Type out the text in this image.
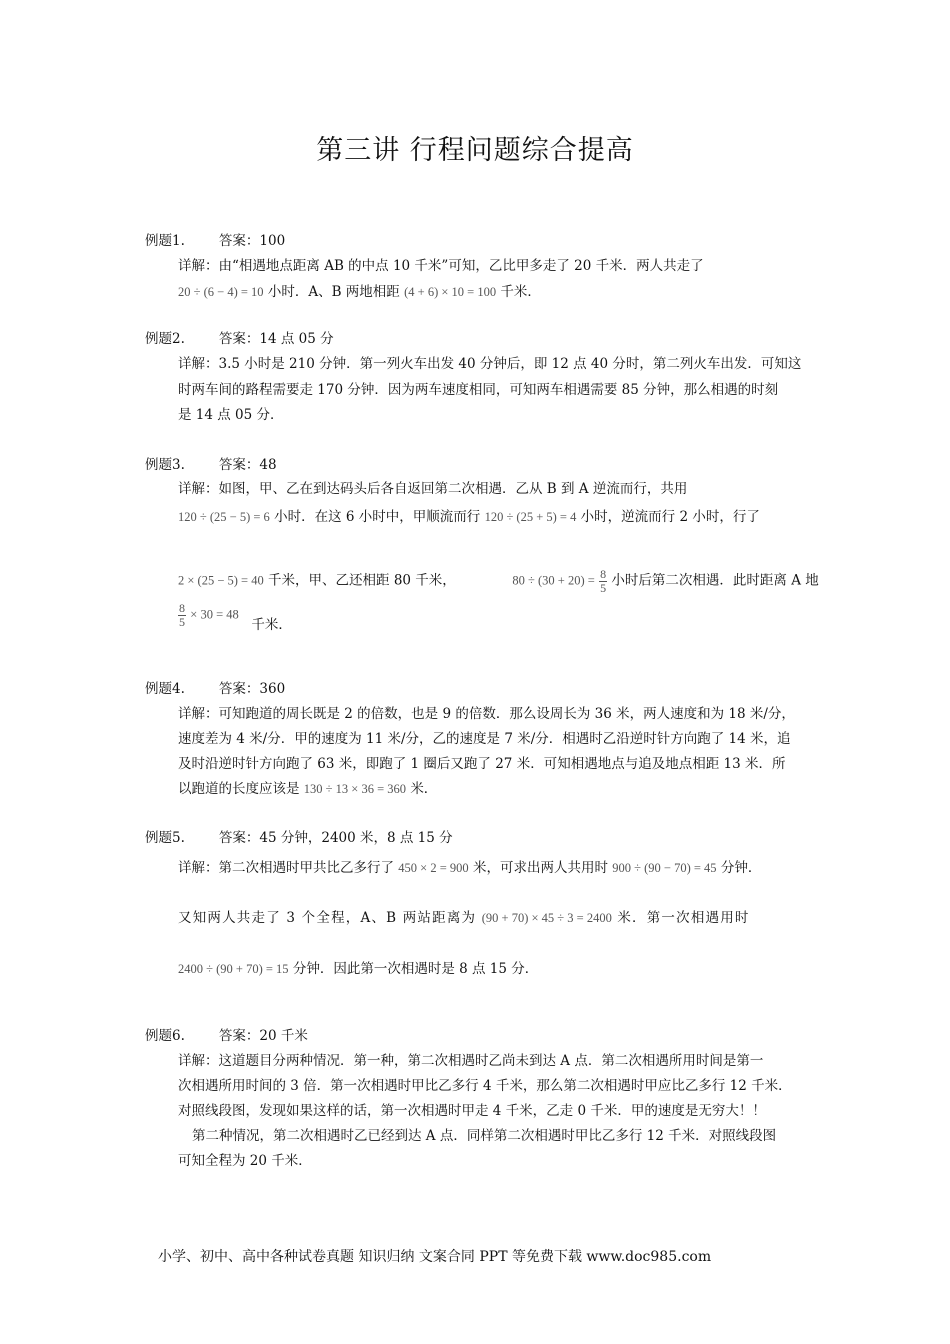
第三讲 行程问题综合提高
例题1.	答案：100
详解：由“相遇地点距离 AB 的中点 10 千米”可知，乙比甲多走了 20 千米．两人共走了
20 ÷ (6 − 4) = 10 小时．A、B 两地相距 (4 + 6) × 10 = 100 千米．
例题2.	答案：14 点 05 分
详解：3.5 小时是 210 分钟．第一列火车出发 40 分钟后，即 12 点 40 分时，第二列火车出发．可知这
时两车间的路程需要走 170 分钟．因为两车速度相同，可知两车相遇需要 85 分钟，那么相遇的时刻
是 14 点 05 分．
例题3.	答案：48
详解：如图，甲、乙在到达码头后各自返回第二次相遇．乙从 B 到 A 逆流而行，共用
120 ÷ (25 − 5) = 6 小时．在这 6 小时中，甲顺流而行 120 ÷ (25 + 5) = 4 小时，逆流而行 2 小时，行了
2 × (25 − 5) = 40 千米，甲、乙还相距 80 千米，	$80 \div (30 + 20) = \frac{8}{5}$ 小时后第二次相遇．此时距离 A 地
$\frac{8}{5} \times 30 = 48$  千米．
例题4.	答案：360
详解：可知跑道的周长既是 2 的倍数，也是 9 的倍数．那么设周长为 36 米，两人速度和为 18 米/分，
速度差为 4 米/分．甲的速度为 11 米/分，乙的速度是 7 米/分．相遇时乙沿逆时针方向跑了 14 米，追
及时沿逆时针方向跑了 63 米，即跑了 1 圈后又跑了 27 米．可知相遇地点与追及地点相距 13 米．所
以跑道的长度应该是 130 ÷ 13 × 36 = 360 米．
例题5.	答案：45 分钟，2400 米，8 点 15 分
详解：第二次相遇时甲共比乙多行了 450 × 2 = 900 米，可求出两人共用时 900 ÷ (90 − 70) = 45 分钟．
又知两人共走了 3 个全程，A、B 两站距离为 (90 + 70) × 45 ÷ 3 = 2400 米．第一次相遇用时
2400 ÷ (90 + 70) = 15 分钟．因此第一次相遇时是 8 点 15 分．
例题6.	答案：20 千米
详解：这道题目分两种情况．第一种，第二次相遇时乙尚未到达 A 点．第二次相遇所用时间是第一
次相遇所用时间的 3 倍．第一次相遇时甲比乙多行 4 千米，那么第二次相遇时甲应比乙多行 12 千米．
对照线段图，发现如果这样的话，第一次相遇时甲走 4 千米，乙走 0 千米．甲的速度是无穷大！！
第二种情况，第二次相遇时乙已经到达 A 点．同样第二次相遇时甲比乙多行 12 千米．对照线段图
可知全程为 20 千米．
小学、初中、高中各种试卷真题 知识归纳 文案合同 PPT 等免费下载 www.doc985.com
